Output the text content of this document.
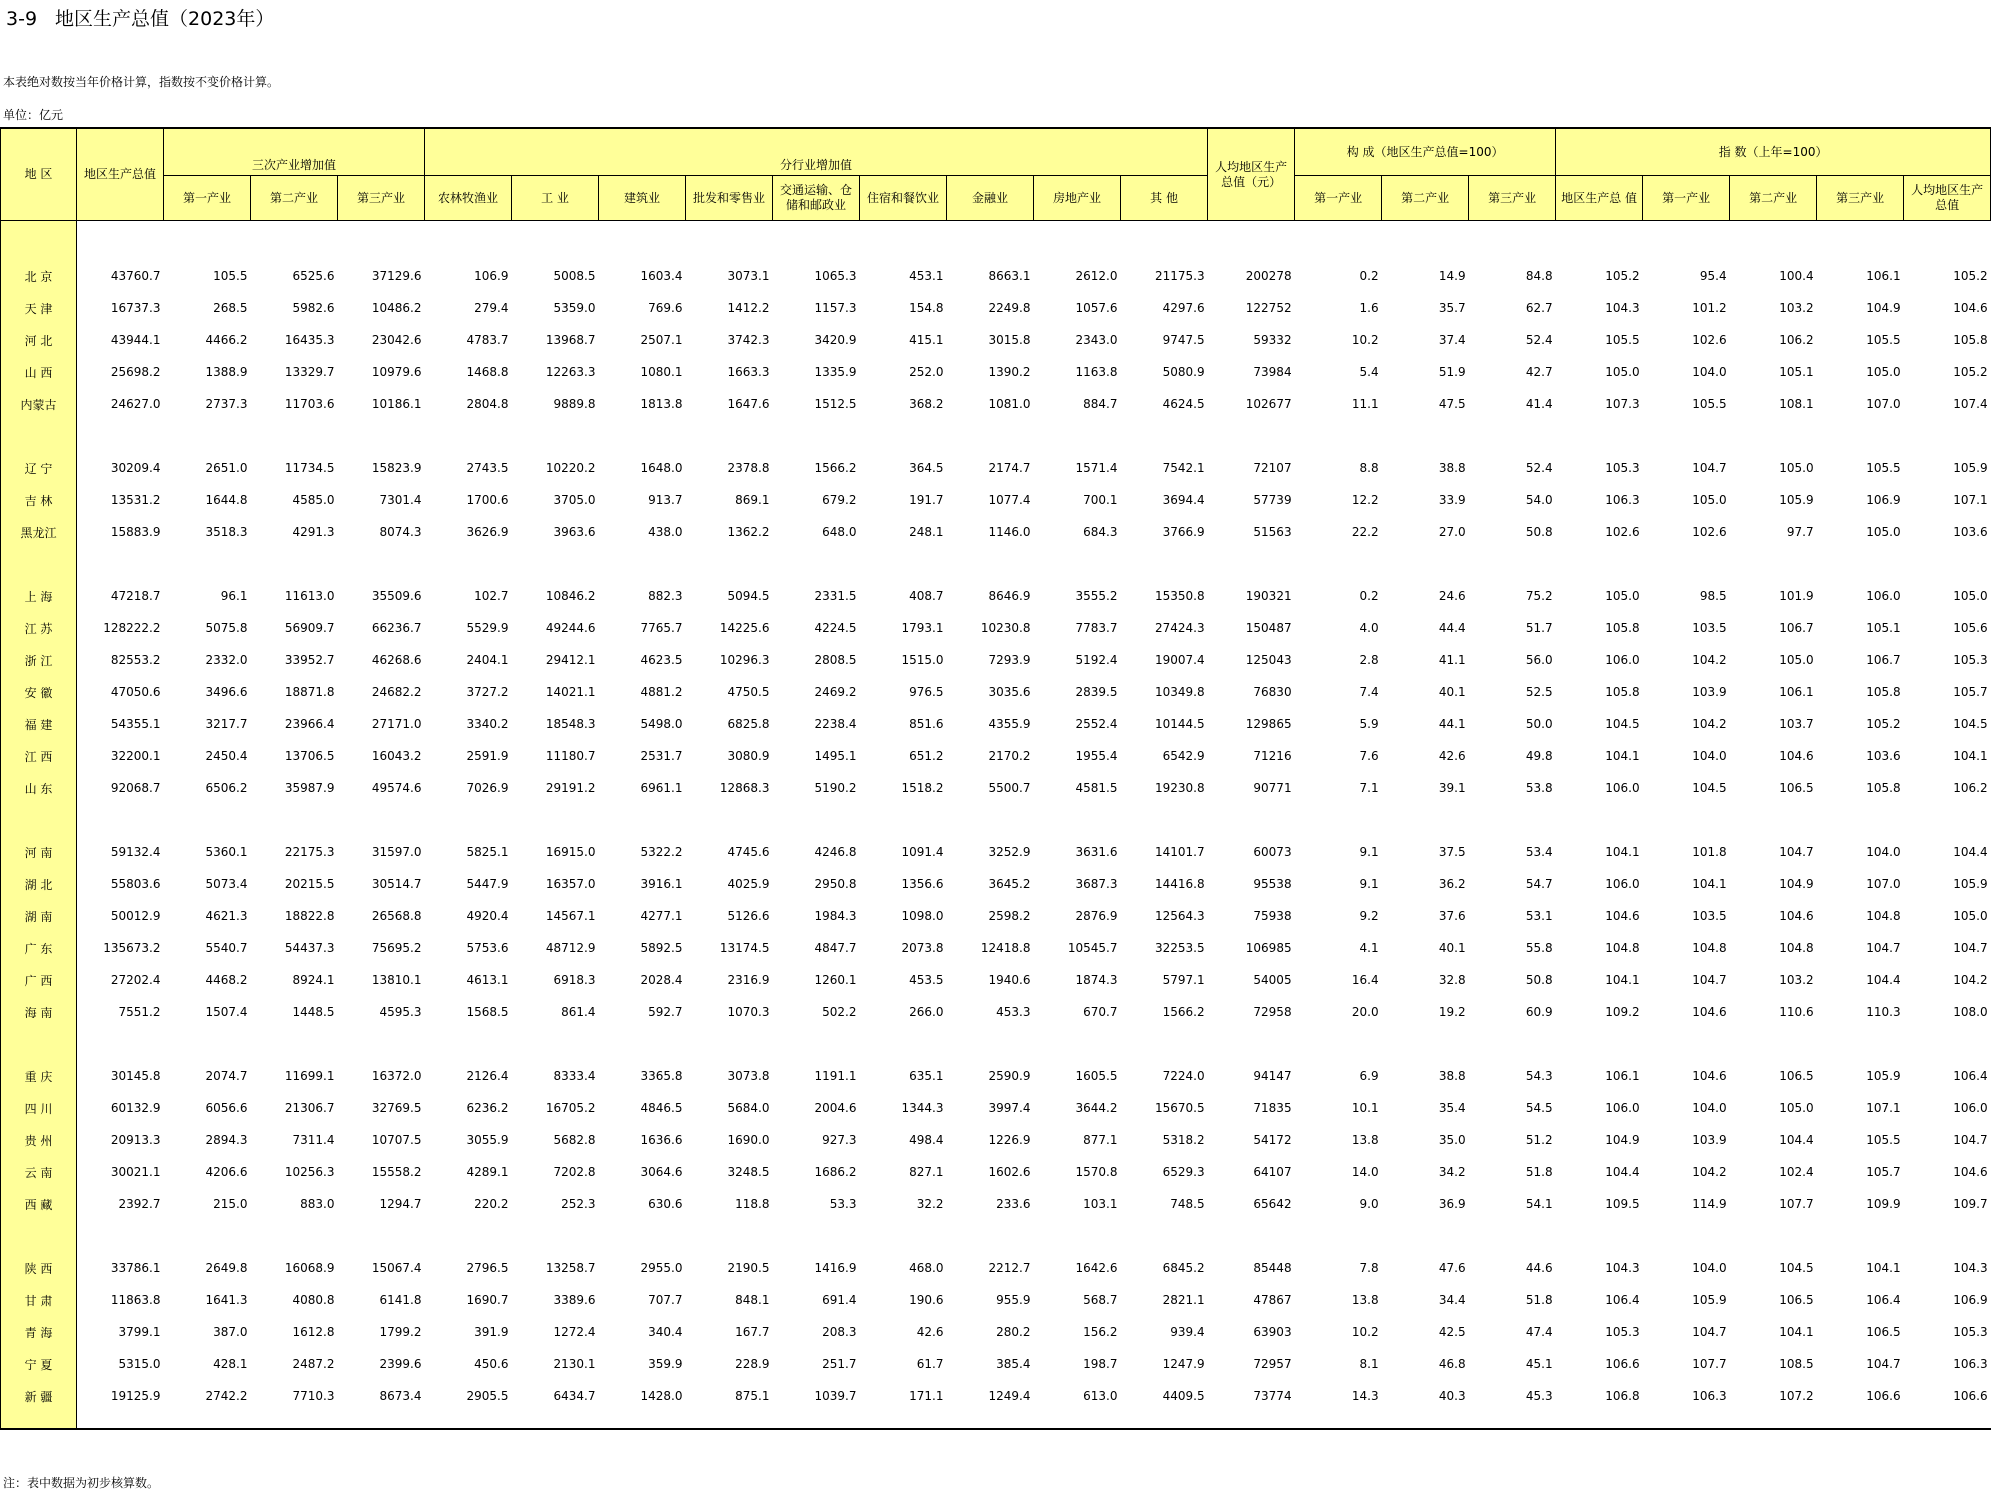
3-9 地区生产总值（2023年）
本表绝对数按当年价格计算，指数按不变价格计算。
单位：亿元
地 区	地区生产总值	三次产业增加值			分行业增加值									人均地区生产总值（元）	构 成（地区生产总值=100）			指 数（上年=100）				

		第一产业	第二产业	第三产业	农林牧渔业	工 业	建筑业	批发和零售业	交通运输、仓储和邮政业	住宿和餐饮业	金融业	房地产业	其 他		第一产业	第二产业	第三产业	地区生产总 值	第一产业	第二产业	第三产业	人均地区生产总值

北 京	43760.7	105.5	6525.6	37129.6	106.9	5008.5	1603.4	3073.1	1065.3	453.1	8663.1	2612.0	21175.3	200278	0.2	14.9	84.8	105.2	95.4	100.4	106.1	105.2
天 津	16737.3	268.5	5982.6	10486.2	279.4	5359.0	769.6	1412.2	1157.3	154.8	2249.8	1057.6	4297.6	122752	1.6	35.7	62.7	104.3	101.2	103.2	104.9	104.6
河 北	43944.1	4466.2	16435.3	23042.6	4783.7	13968.7	2507.1	3742.3	3420.9	415.1	3015.8	2343.0	9747.5	59332	10.2	37.4	52.4	105.5	102.6	106.2	105.5	105.8
山 西	25698.2	1388.9	13329.7	10979.6	1468.8	12263.3	1080.1	1663.3	1335.9	252.0	1390.2	1163.8	5080.9	73984	5.4	51.9	42.7	105.0	104.0	105.1	105.0	105.2
内蒙古	24627.0	2737.3	11703.6	10186.1	2804.8	9889.8	1813.8	1647.6	1512.5	368.2	1081.0	884.7	4624.5	102677	11.1	47.5	41.4	107.3	105.5	108.1	107.0	107.4

辽 宁	30209.4	2651.0	11734.5	15823.9	2743.5	10220.2	1648.0	2378.8	1566.2	364.5	2174.7	1571.4	7542.1	72107	8.8	38.8	52.4	105.3	104.7	105.0	105.5	105.9
吉 林	13531.2	1644.8	4585.0	7301.4	1700.6	3705.0	913.7	869.1	679.2	191.7	1077.4	700.1	3694.4	57739	12.2	33.9	54.0	106.3	105.0	105.9	106.9	107.1
黑龙江	15883.9	3518.3	4291.3	8074.3	3626.9	3963.6	438.0	1362.2	648.0	248.1	1146.0	684.3	3766.9	51563	22.2	27.0	50.8	102.6	102.6	97.7	105.0	103.6

上 海	47218.7	96.1	11613.0	35509.6	102.7	10846.2	882.3	5094.5	2331.5	408.7	8646.9	3555.2	15350.8	190321	0.2	24.6	75.2	105.0	98.5	101.9	106.0	105.0
江 苏	128222.2	5075.8	56909.7	66236.7	5529.9	49244.6	7765.7	14225.6	4224.5	1793.1	10230.8	7783.7	27424.3	150487	4.0	44.4	51.7	105.8	103.5	106.7	105.1	105.6
浙 江	82553.2	2332.0	33952.7	46268.6	2404.1	29412.1	4623.5	10296.3	2808.5	1515.0	7293.9	5192.4	19007.4	125043	2.8	41.1	56.0	106.0	104.2	105.0	106.7	105.3
安 徽	47050.6	3496.6	18871.8	24682.2	3727.2	14021.1	4881.2	4750.5	2469.2	976.5	3035.6	2839.5	10349.8	76830	7.4	40.1	52.5	105.8	103.9	106.1	105.8	105.7
福 建	54355.1	3217.7	23966.4	27171.0	3340.2	18548.3	5498.0	6825.8	2238.4	851.6	4355.9	2552.4	10144.5	129865	5.9	44.1	50.0	104.5	104.2	103.7	105.2	104.5
江 西	32200.1	2450.4	13706.5	16043.2	2591.9	11180.7	2531.7	3080.9	1495.1	651.2	2170.2	1955.4	6542.9	71216	7.6	42.6	49.8	104.1	104.0	104.6	103.6	104.1
山 东	92068.7	6506.2	35987.9	49574.6	7026.9	29191.2	6961.1	12868.3	5190.2	1518.2	5500.7	4581.5	19230.8	90771	7.1	39.1	53.8	106.0	104.5	106.5	105.8	106.2

河 南	59132.4	5360.1	22175.3	31597.0	5825.1	16915.0	5322.2	4745.6	4246.8	1091.4	3252.9	3631.6	14101.7	60073	9.1	37.5	53.4	104.1	101.8	104.7	104.0	104.4
湖 北	55803.6	5073.4	20215.5	30514.7	5447.9	16357.0	3916.1	4025.9	2950.8	1356.6	3645.2	3687.3	14416.8	95538	9.1	36.2	54.7	106.0	104.1	104.9	107.0	105.9
湖 南	50012.9	4621.3	18822.8	26568.8	4920.4	14567.1	4277.1	5126.6	1984.3	1098.0	2598.2	2876.9	12564.3	75938	9.2	37.6	53.1	104.6	103.5	104.6	104.8	105.0
广 东	135673.2	5540.7	54437.3	75695.2	5753.6	48712.9	5892.5	13174.5	4847.7	2073.8	12418.8	10545.7	32253.5	106985	4.1	40.1	55.8	104.8	104.8	104.8	104.7	104.7
广 西	27202.4	4468.2	8924.1	13810.1	4613.1	6918.3	2028.4	2316.9	1260.1	453.5	1940.6	1874.3	5797.1	54005	16.4	32.8	50.8	104.1	104.7	103.2	104.4	104.2
海 南	7551.2	1507.4	1448.5	4595.3	1568.5	861.4	592.7	1070.3	502.2	266.0	453.3	670.7	1566.2	72958	20.0	19.2	60.9	109.2	104.6	110.6	110.3	108.0

重 庆	30145.8	2074.7	11699.1	16372.0	2126.4	8333.4	3365.8	3073.8	1191.1	635.1	2590.9	1605.5	7224.0	94147	6.9	38.8	54.3	106.1	104.6	106.5	105.9	106.4
四 川	60132.9	6056.6	21306.7	32769.5	6236.2	16705.2	4846.5	5684.0	2004.6	1344.3	3997.4	3644.2	15670.5	71835	10.1	35.4	54.5	106.0	104.0	105.0	107.1	106.0
贵 州	20913.3	2894.3	7311.4	10707.5	3055.9	5682.8	1636.6	1690.0	927.3	498.4	1226.9	877.1	5318.2	54172	13.8	35.0	51.2	104.9	103.9	104.4	105.5	104.7
云 南	30021.1	4206.6	10256.3	15558.2	4289.1	7202.8	3064.6	3248.5	1686.2	827.1	1602.6	1570.8	6529.3	64107	14.0	34.2	51.8	104.4	104.2	102.4	105.7	104.6
西 藏	2392.7	215.0	883.0	1294.7	220.2	252.3	630.6	118.8	53.3	32.2	233.6	103.1	748.5	65642	9.0	36.9	54.1	109.5	114.9	107.7	109.9	109.7

陕 西	33786.1	2649.8	16068.9	15067.4	2796.5	13258.7	2955.0	2190.5	1416.9	468.0	2212.7	1642.6	6845.2	85448	7.8	47.6	44.6	104.3	104.0	104.5	104.1	104.3
甘 肃	11863.8	1641.3	4080.8	6141.8	1690.7	3389.6	707.7	848.1	691.4	190.6	955.9	568.7	2821.1	47867	13.8	34.4	51.8	106.4	105.9	106.5	106.4	106.9
青 海	3799.1	387.0	1612.8	1799.2	391.9	1272.4	340.4	167.7	208.3	42.6	280.2	156.2	939.4	63903	10.2	42.5	47.4	105.3	104.7	104.1	106.5	105.3
宁 夏	5315.0	428.1	2487.2	2399.6	450.6	2130.1	359.9	228.9	251.7	61.7	385.4	198.7	1247.9	72957	8.1	46.8	45.1	106.6	107.7	108.5	104.7	106.3
新 疆	19125.9	2742.2	7710.3	8673.4	2905.5	6434.7	1428.0	875.1	1039.7	171.1	1249.4	613.0	4409.5	73774	14.3	40.3	45.3	106.8	106.3	107.2	106.6	106.6

注：表中数据为初步核算数。
